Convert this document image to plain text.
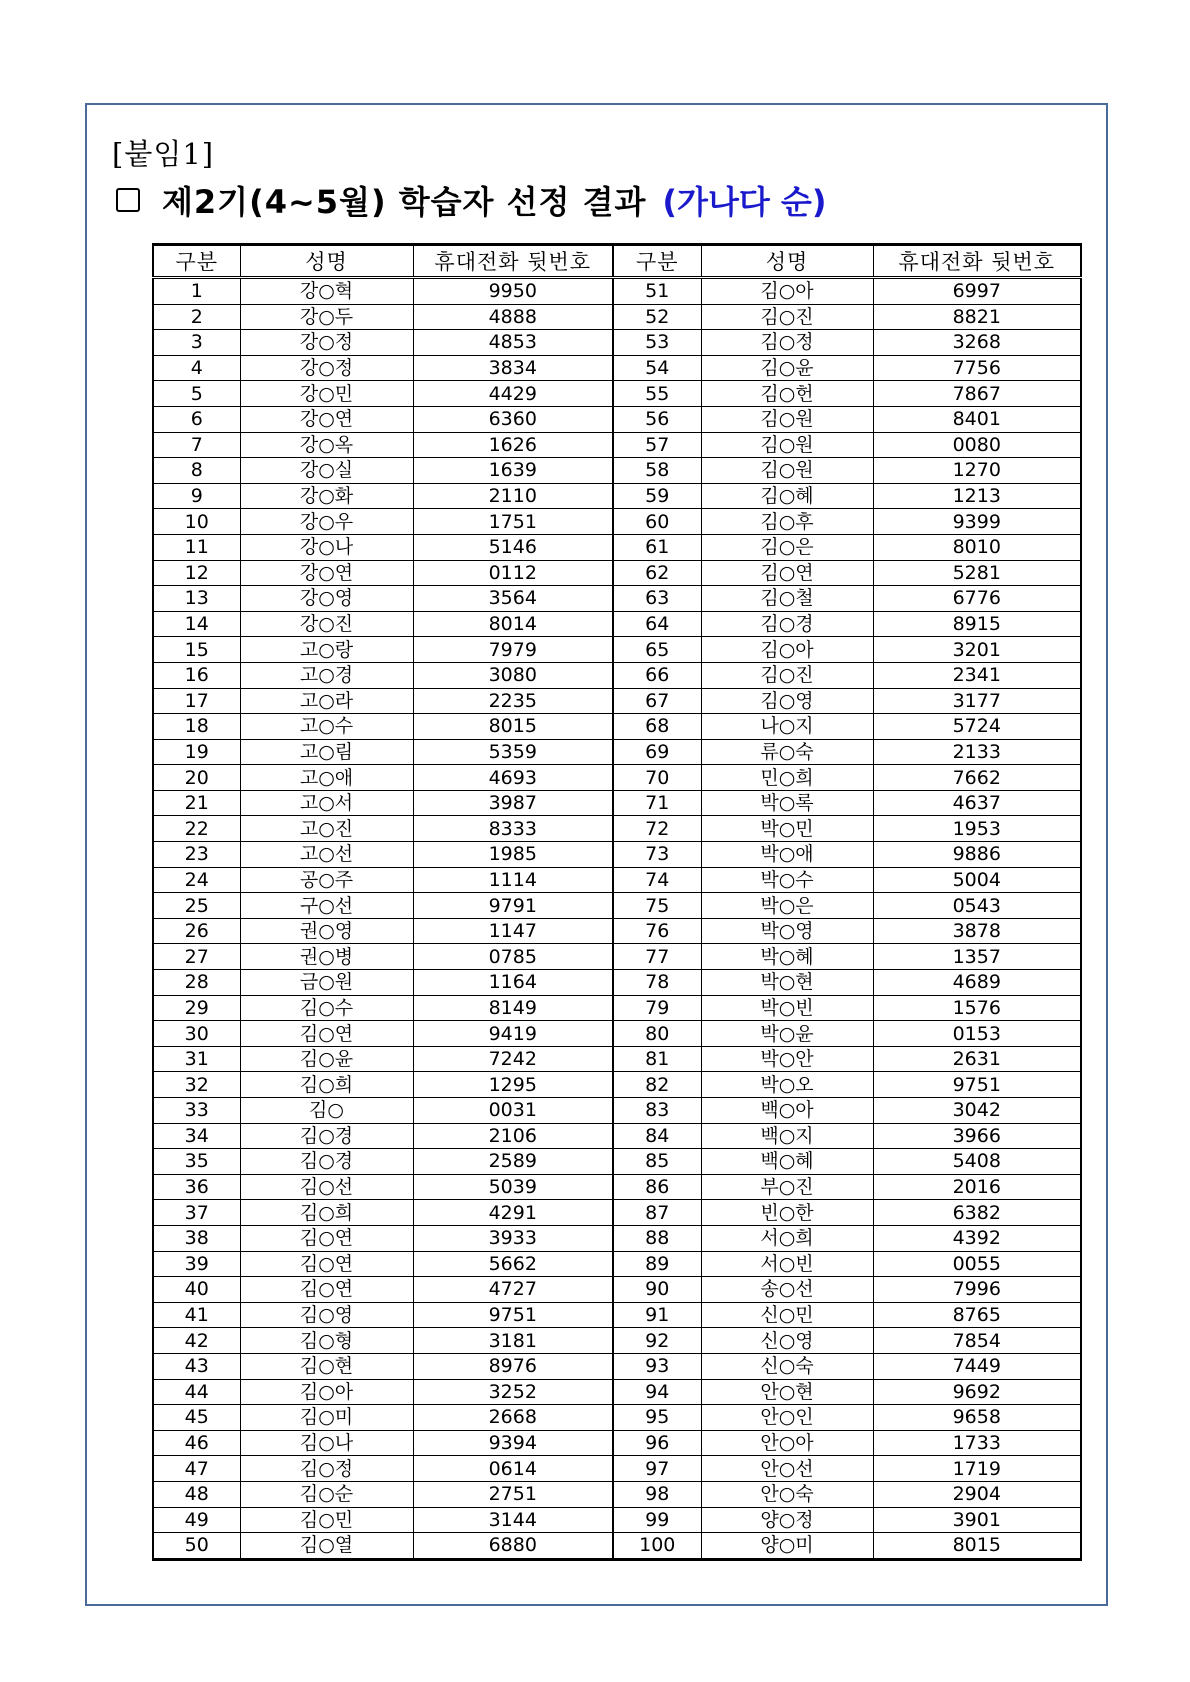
[붙임1]
제2기(4~5월) 학습자 선정 결과 (가나다 순)
구분	성명	휴대전화 뒷번호	구분	성명	휴대전화 뒷번호
1	강○혁	9950	51	김○아	6997
2	강○두	4888	52	김○진	8821
3	강○정	4853	53	김○정	3268
4	강○정	3834	54	김○윤	7756
5	강○민	4429	55	김○헌	7867
6	강○연	6360	56	김○원	8401
7	강○옥	1626	57	김○원	0080
8	강○실	1639	58	김○원	1270
9	강○화	2110	59	김○혜	1213
10	강○우	1751	60	김○후	9399
11	강○나	5146	61	김○은	8010
12	강○연	0112	62	김○연	5281
13	강○영	3564	63	김○철	6776
14	강○진	8014	64	김○경	8915
15	고○랑	7979	65	김○아	3201
16	고○경	3080	66	김○진	2341
17	고○라	2235	67	김○영	3177
18	고○수	8015	68	나○지	5724
19	고○림	5359	69	류○숙	2133
20	고○애	4693	70	민○희	7662
21	고○서	3987	71	박○록	4637
22	고○진	8333	72	박○민	1953
23	고○선	1985	73	박○애	9886
24	공○주	1114	74	박○수	5004
25	구○선	9791	75	박○은	0543
26	권○영	1147	76	박○영	3878
27	권○병	0785	77	박○혜	1357
28	금○원	1164	78	박○현	4689
29	김○수	8149	79	박○빈	1576
30	김○연	9419	80	박○윤	0153
31	김○윤	7242	81	박○안	2631
32	김○희	1295	82	박○오	9751
33	김○	0031	83	백○아	3042
34	김○경	2106	84	백○지	3966
35	김○경	2589	85	백○혜	5408
36	김○선	5039	86	부○진	2016
37	김○희	4291	87	빈○한	6382
38	김○연	3933	88	서○희	4392
39	김○연	5662	89	서○빈	0055
40	김○연	4727	90	송○선	7996
41	김○영	9751	91	신○민	8765
42	김○형	3181	92	신○영	7854
43	김○현	8976	93	신○숙	7449
44	김○아	3252	94	안○현	9692
45	김○미	2668	95	안○인	9658
46	김○나	9394	96	안○아	1733
47	김○정	0614	97	안○선	1719
48	김○순	2751	98	안○숙	2904
49	김○민	3144	99	양○정	3901
50	김○열	6880	100	양○미	8015
